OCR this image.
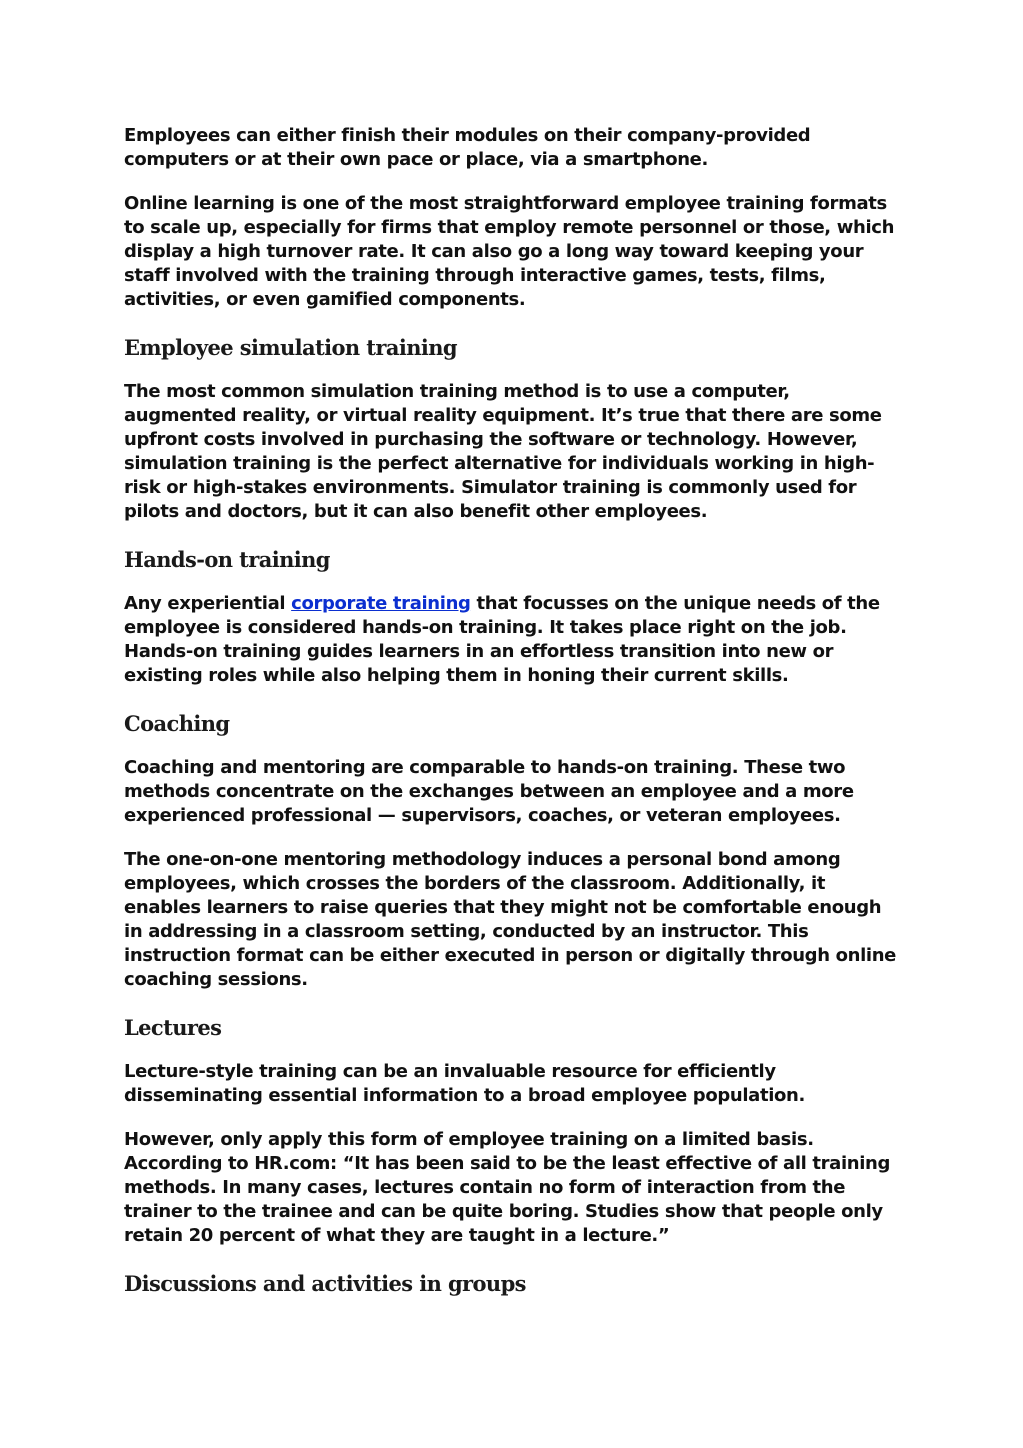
Employees can either finish their modules on their company-provided computers or at their own pace or place, via a smartphone.

Online learning is one of the most straightforward employee training formats to scale up, especially for firms that employ remote personnel or those, which display a high turnover rate. It can also go a long way toward keeping your staff involved with the training through interactive games, tests, films, activities, or even gamified components.

Employee simulation training

The most common simulation training method is to use a computer, augmented reality, or virtual reality equipment. It’s true that there are some upfront costs involved in purchasing the software or technology. However, simulation training is the perfect alternative for individuals working in high-risk or high-stakes environments. Simulator training is commonly used for pilots and doctors, but it can also benefit other employees.

Hands-on training

Any experiential corporate training that focusses on the unique needs of the employee is considered hands-on training. It takes place right on the job. Hands-on training guides learners in an effortless transition into new or existing roles while also helping them in honing their current skills.

Coaching

Coaching and mentoring are comparable to hands-on training. These two methods concentrate on the exchanges between an employee and a more experienced professional — supervisors, coaches, or veteran employees.

The one-on-one mentoring methodology induces a personal bond among employees, which crosses the borders of the classroom. Additionally, it enables learners to raise queries that they might not be comfortable enough in addressing in a classroom setting, conducted by an instructor. This instruction format can be either executed in person or digitally through online coaching sessions.

Lectures

Lecture-style training can be an invaluable resource for efficiently disseminating essential information to a broad employee population.

However, only apply this form of employee training on a limited basis. According to HR.com: “It has been said to be the least effective of all training methods. In many cases, lectures contain no form of interaction from the trainer to the trainee and can be quite boring. Studies show that people only retain 20 percent of what they are taught in a lecture.”

Discussions and activities in groups
